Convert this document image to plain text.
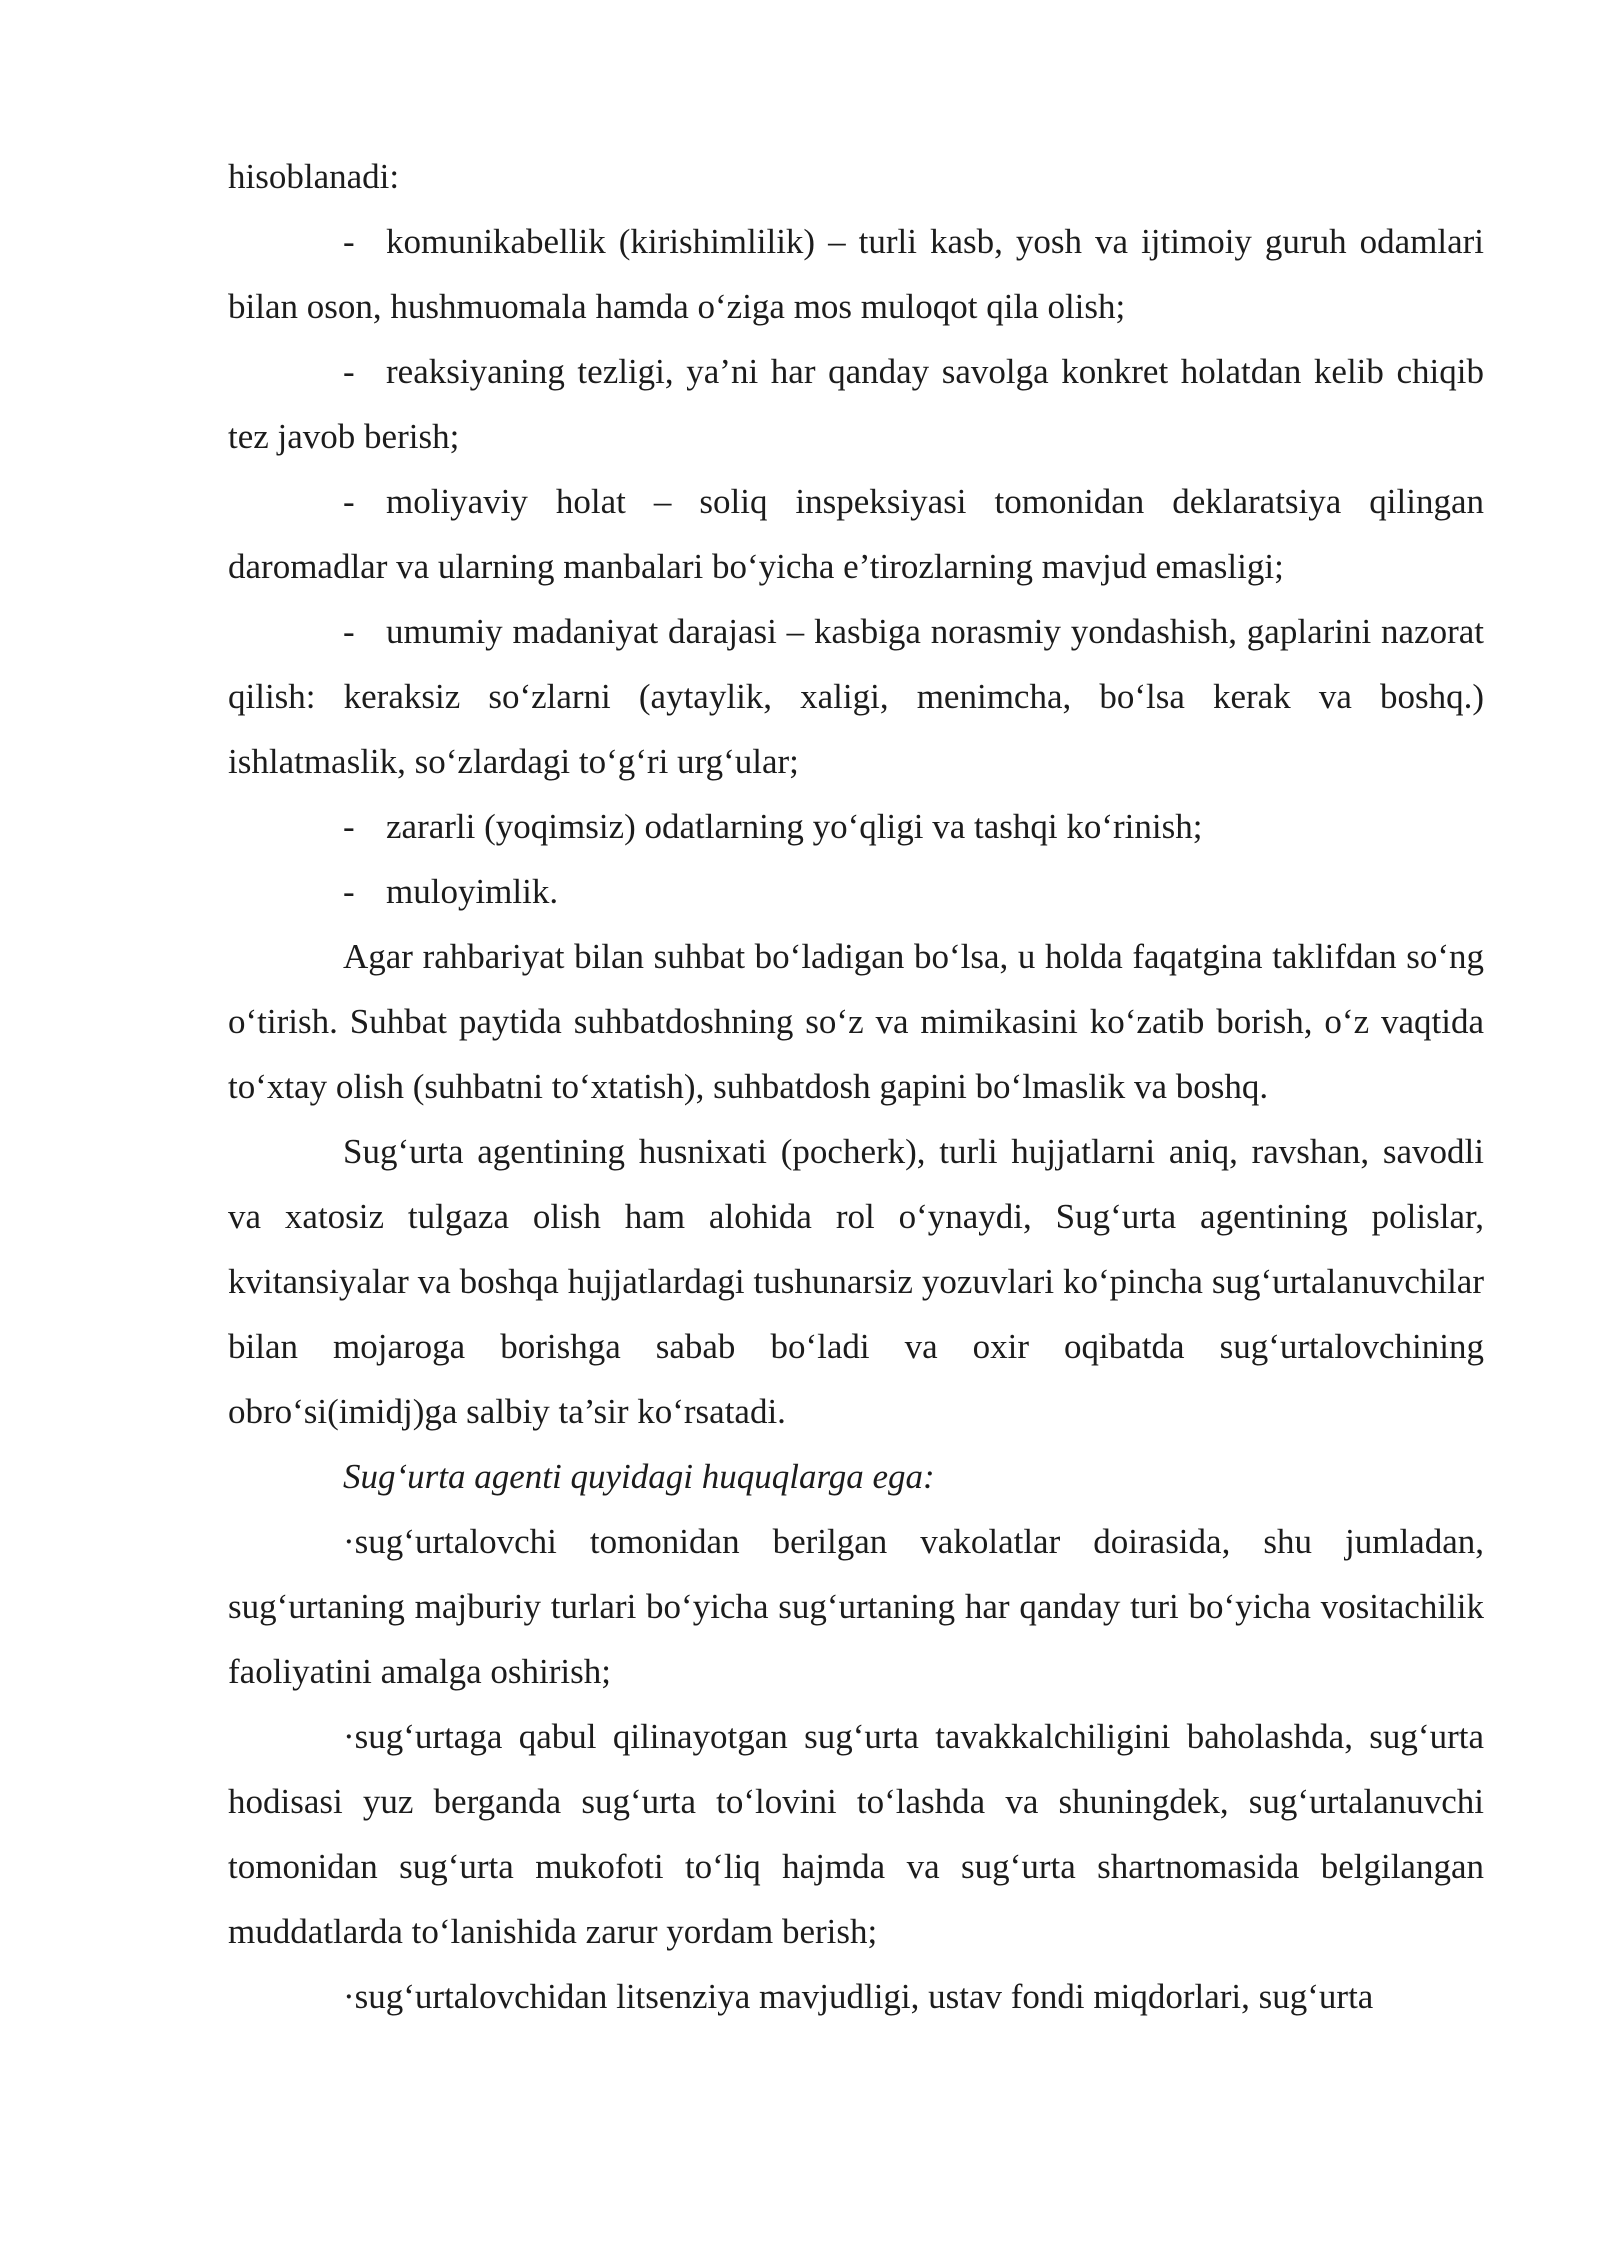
hisoblanadi:

- komunikabellik (kirishimlilik) – turli kasb, yosh va ijtimoiy guruh odamlari bilan oson, hushmuomala hamda o‘ziga mos muloqot qila olish;

- reaksiyaning tezligi, ya’ni har qanday savolga konkret holatdan kelib chiqib tez javob berish;

- moliyaviy holat – soliq inspeksiyasi tomonidan deklaratsiya qilingan daromadlar va ularning manbalari bo‘yicha e’tirozlarning mavjud emasligi;

- umumiy madaniyat darajasi – kasbiga norasmiy yondashish, gaplarini nazorat qilish: keraksiz so‘zlarni (aytaylik, xaligi, menimcha, bo‘lsa kerak va boshq.) ishlatmaslik, so‘zlardagi to‘g‘ri urg‘ular;

- zararli (yoqimsiz) odatlarning yo‘qligi va tashqi ko‘rinish;

- muloyimlik.

Agar rahbariyat bilan suhbat bo‘ladigan bo‘lsa, u holda faqatgina taklifdan so‘ng o‘tirish. Suhbat paytida suhbatdoshning so‘z va mimikasini ko‘zatib borish, o‘z vaqtida to‘xtay olish (suhbatni to‘xtatish), suhbatdosh gapini bo‘lmaslik va boshq.

Sug‘urta agentining husnixati (pocherk), turli hujjatlarni aniq, ravshan, savodli va xatosiz tulgaza olish ham alohida rol o‘ynaydi, Sug‘urta agentining polislar, kvitansiyalar va boshqa hujjatlardagi tushunarsiz yozuvlari ko‘pincha sug‘urtalanuvchilar bilan mojaroga borishga sabab bo‘ladi va oxir oqibatda sug‘urtalovchining obro‘si(imidj)ga salbiy ta’sir ko‘rsatadi.

Sug‘urta agenti quyidagi huquqlarga ega:

·sug‘urtalovchi tomonidan berilgan vakolatlar doirasida, shu jumladan, sug‘urtaning majburiy turlari bo‘yicha sug‘urtaning har qanday turi bo‘yicha vositachilik faoliyatini amalga oshirish;

·sug‘urtaga qabul qilinayotgan sug‘urta tavakkalchiligini baholashda, sug‘urta hodisasi yuz berganda sug‘urta to‘lovini to‘lashda va shuningdek, sug‘urtalanuvchi tomonidan sug‘urta mukofoti to‘liq hajmda va sug‘urta shartnomasida belgilangan muddatlarda to‘lanishida zarur yordam berish;

·sug‘urtalovchidan litsenziya mavjudligi, ustav fondi miqdorlari, sug‘urta
